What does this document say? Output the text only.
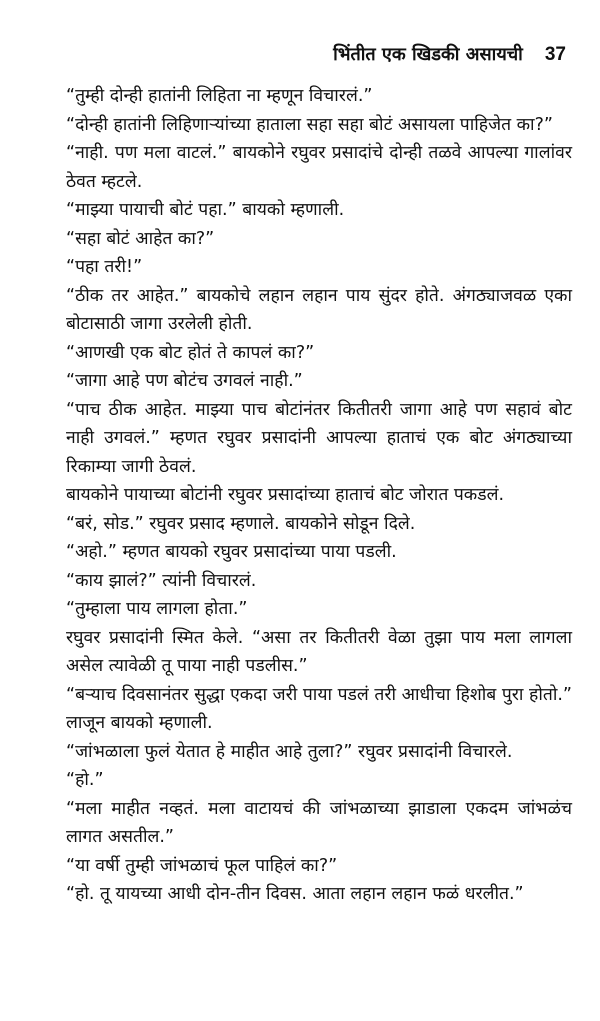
भिंतीत एक खिडकी असायची 37

“तुम्ही दोन्ही हातांनी लिहिता ना म्हणून विचारलं.”

“दोन्ही हातांनी लिहिणाऱ्यांच्या हाताला सहा सहा बोटं असायला पाहिजेत का?”

“नाही. पण मला वाटलं.” बायकोने रघुवर प्रसादांचे दोन्ही तळवे आपल्या गालांवर ठेवत म्हटले.

“माझ्या पायाची बोटं पहा.” बायको म्हणाली.

“सहा बोटं आहेत का?”

“पहा तरी!”

“ठीक तर आहेत.” बायकोचे लहान लहान पाय सुंदर होते. अंगठ्याजवळ एका बोटासाठी जागा उरलेली होती.

“आणखी एक बोट होतं ते कापलं का?”

“जागा आहे पण बोटंच उगवलं नाही.”

“पाच ठीक आहेत. माझ्या पाच बोटांनंतर कितीतरी जागा आहे पण सहावं बोट नाही उगवलं.” म्हणत रघुवर प्रसादांनी आपल्या हाताचं एक बोट अंगठ्याच्या रिकाम्या जागी ठेवलं.

बायकोने पायाच्या बोटांनी रघुवर प्रसादांच्या हाताचं बोट जोरात पकडलं.

“बरं, सोड.” रघुवर प्रसाद म्हणाले. बायकोने सोडून दिले.

“अहो.” म्हणत बायको रघुवर प्रसादांच्या पाया पडली.

“काय झालं?” त्यांनी विचारलं.

“तुम्हाला पाय लागला होता.”

रघुवर प्रसादांनी स्मित केले. “असा तर कितीतरी वेळा तुझा पाय मला लागला असेल त्यावेळी तू पाया नाही पडलीस.”

“बऱ्याच दिवसानंतर सुद्धा एकदा जरी पाया पडलं तरी आधीचा हिशोब पुरा होतो.” लाजून बायको म्हणाली.

“जांभळाला फुलं येतात हे माहीत आहे तुला?” रघुवर प्रसादांनी विचारले.

“हो.”

“मला माहीत नव्हतं. मला वाटायचं की जांभळाच्या झाडाला एकदम जांभळंच लागत असतील.”

“या वर्षी तुम्ही जांभळाचं फूल पाहिलं का?”

“हो. तू यायच्या आधी दोन-तीन दिवस. आता लहान लहान फळं धरलीत.”
